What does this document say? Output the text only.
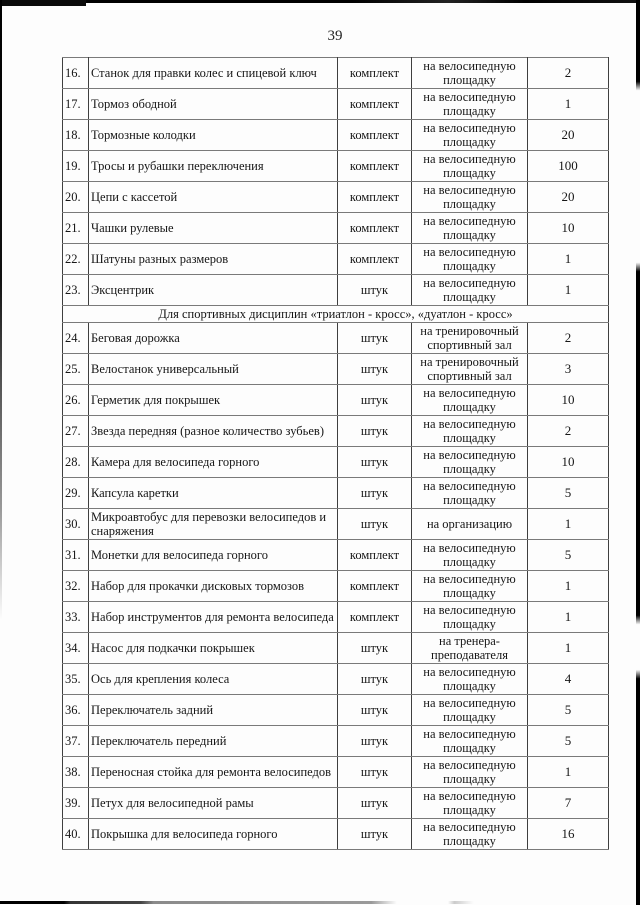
39
16.	Станок для правки колес и спицевой ключ	комплект	на велосипедную площадку	2
17.	Тормоз ободной	комплект	на велосипедную площадку	1
18.	Тормозные колодки	комплект	на велосипедную площадку	20
19.	Тросы и рубашки переключения	комплект	на велосипедную площадку	100
20.	Цепи с кассетой	комплект	на велосипедную площадку	20
21.	Чашки рулевые	комплект	на велосипедную площадку	10
22.	Шатуны разных размеров	комплект	на велосипедную площадку	1
23.	Эксцентрик	штук	на велосипедную площадку	1
Для спортивных дисциплин «триатлон - кросс», «дуатлон - кросс»				
24.	Беговая дорожка	штук	на тренировочный спортивный зал	2
25.	Велостанок универсальный	штук	на тренировочный спортивный зал	3
26.	Герметик для покрышек	штук	на велосипедную площадку	10
27.	Звезда передняя (разное количество зубьев)	штук	на велосипедную площадку	2
28.	Камера для велосипеда горного	штук	на велосипедную площадку	10
29.	Капсула каретки	штук	на велосипедную площадку	5
30.	Микроавтобус для перевозки велосипедов и снаряжения	штук	на организацию	1
31.	Монетки для велосипеда горного	комплект	на велосипедную площадку	5
32.	Набор для прокачки дисковых тормозов	комплект	на велосипедную площадку	1
33.	Набор инструментов для ремонта велосипеда	комплект	на велосипедную площадку	1
34.	Насос для подкачки покрышек	штук	на тренера- преподавателя	1
35.	Ось для крепления колеса	штук	на велосипедную площадку	4
36.	Переключатель задний	штук	на велосипедную площадку	5
37.	Переключатель передний	штук	на велосипедную площадку	5
38.	Переносная стойка для ремонта велосипедов	штук	на велосипедную площадку	1
39.	Петух для велосипедной рамы	штук	на велосипедную площадку	7
40.	Покрышка для велосипеда горного	штук	на велосипедную площадку	16
